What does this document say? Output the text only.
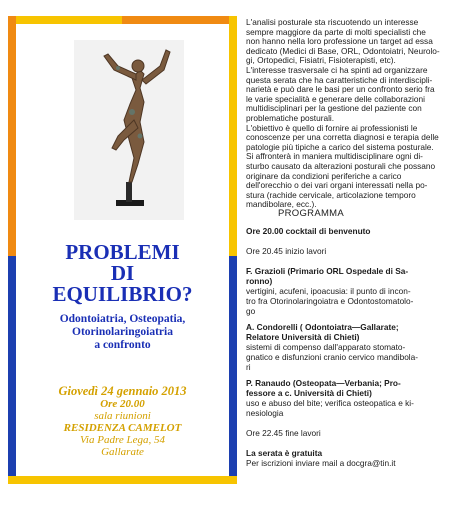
PROBLEMI
DI
EQUILIBRIO?
Odontoiatria, Osteopatia,
Otorinolaringoiatria
a confronto
Giovedì 24 gennaio 2013
Ore 20.00
sala riunioni
RESIDENZA CAMELOT
Via Padre Lega, 54
Gallarate
L'analisi posturale sta riscuotendo un interesse
sempre maggiore da parte di molti specialisti che
non hanno nella loro professione un target ad essa
dedicato (Medici di Base, ORL, Odontoiatri, Neurolo-
gi, Ortopedici, Fisiatri, Fisioterapisti, etc).
L'interesse trasversale ci ha spinti ad organizzare
questa serata che ha caratteristiche di interdiscipli-
narietà e può dare le basi per un confronto serio fra
le varie specialità e generare delle collaborazioni
multidisciplinari per la gestione del paziente con
problematiche posturali.
L'obiettivo è quello di fornire ai professionisti le
conoscenze per una corretta diagnosi e terapia delle
patologie più tipiche a carico del sistema posturale.
Si affronterà in maniera multidisciplinare ogni di-
sturbo causato da alterazioni posturali che possano
originare da condizioni periferiche a carico
dell'orecchio o dei vari organi interessati nella po-
stura (rachide cervicale, articolazione temporo
mandibolare, ecc.).
PROGRAMMA
Ore 20.00 cocktail di benvenuto
Ore 20.45 inizio lavori
F. Grazioli (Primario ORL Ospedale di Sa-
ronno)
vertigini, acufeni, ipoacusia: il punto di incon-
tro fra Otorinolaringoiatra e Odontostomatolo-
go
A. Condorelli ( Odontoiatra—Gallarate;
Relatore Università di Chieti)
sistemi di compenso dall'apparato stomato-
gnatico e disfunzioni cranio cervico mandibola-
ri
P. Ranaudo (Osteopata—Verbania; Pro-
fessore a c. Università di Chieti)
uso e abuso del bite; verifica osteopatica e ki-
nesiologia
Ore 22.45 fine lavori
La serata è gratuita
Per iscrizioni inviare mail a docgra@tin.it
